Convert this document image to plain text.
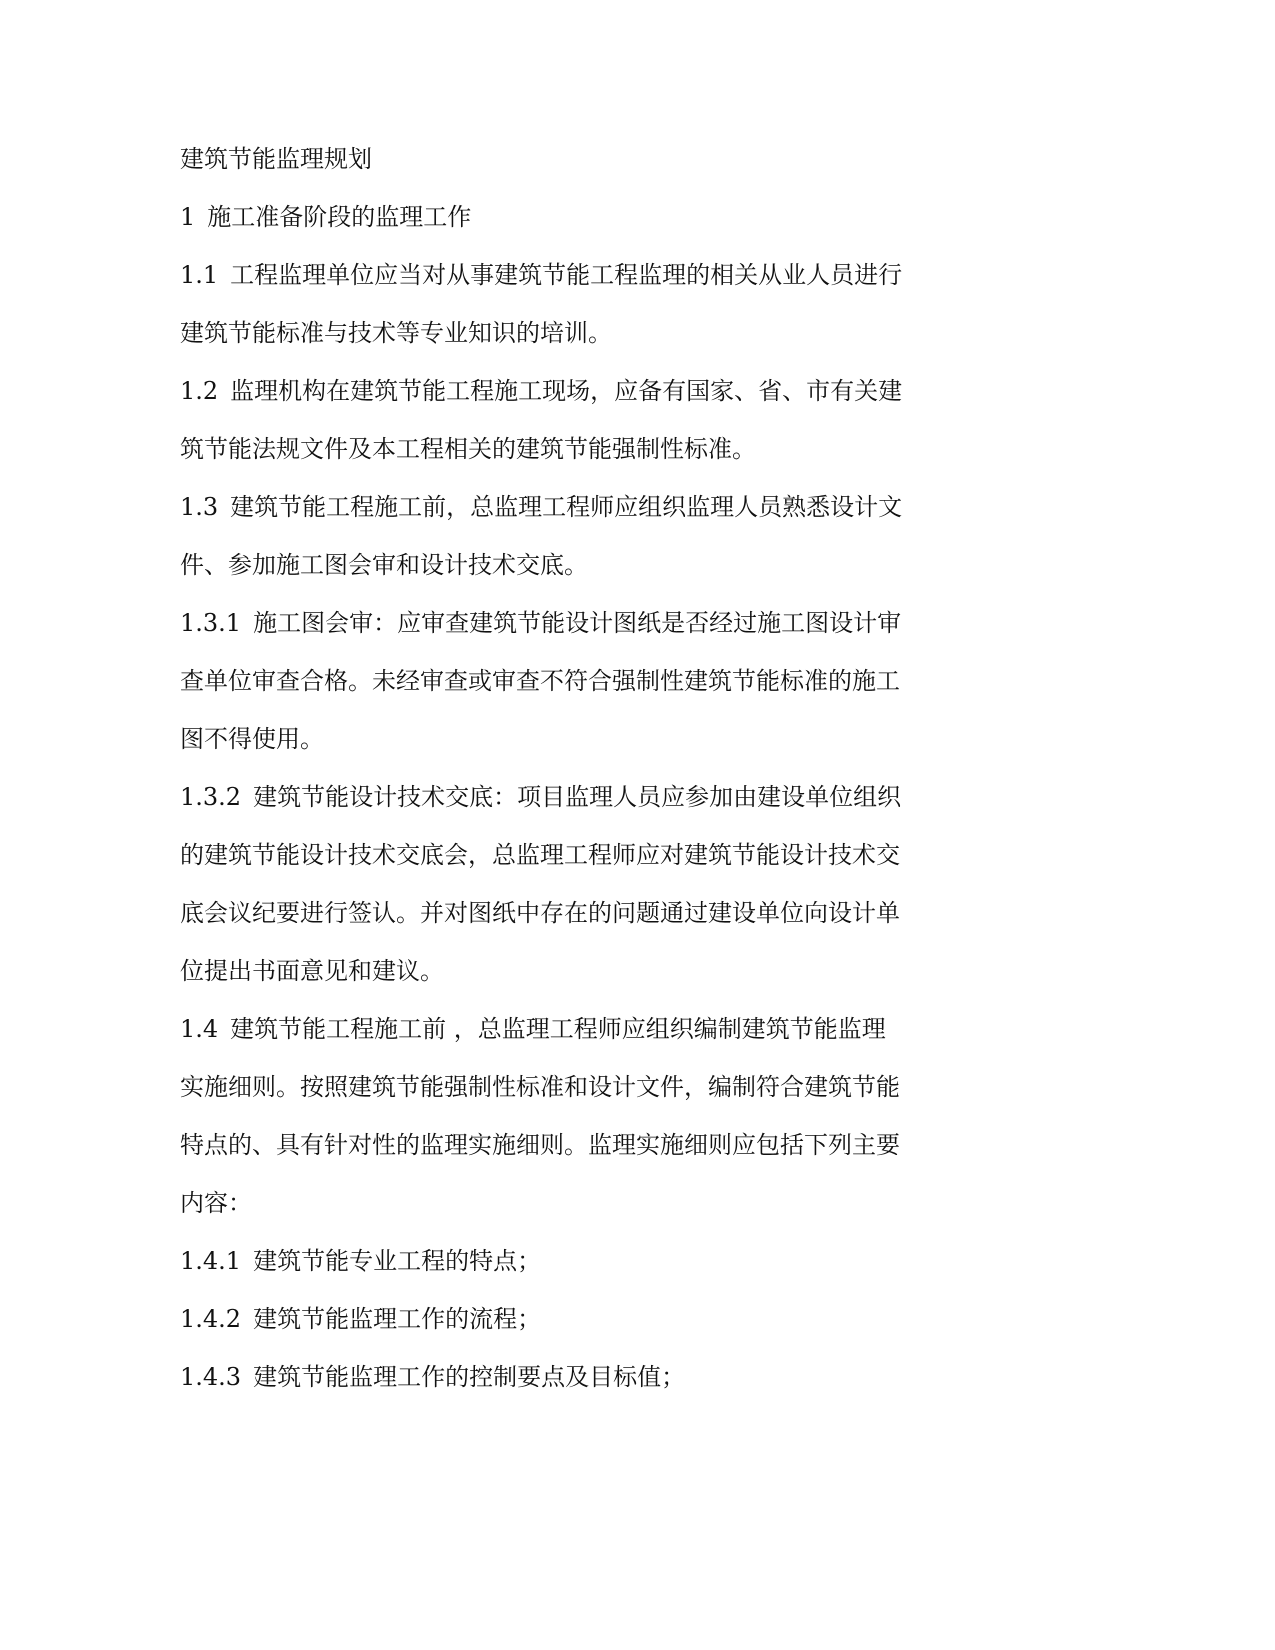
建筑节能监理规划
1 施工准备阶段的监理工作
1.1 工程监理单位应当对从事建筑节能工程监理的相关从业人员进行
建筑节能标准与技术等专业知识的培训。
1.2 监理机构在建筑节能工程施工现场，应备有国家、省、市有关建
筑节能法规文件及本工程相关的建筑节能强制性标准。
1.3 建筑节能工程施工前，总监理工程师应组织监理人员熟悉设计文
件、参加施工图会审和设计技术交底。
1.3.1 施工图会审：应审查建筑节能设计图纸是否经过施工图设计审
查单位审查合格。未经审查或审查不符合强制性建筑节能标准的施工
图不得使用。
1.3.2 建筑节能设计技术交底：项目监理人员应参加由建设单位组织
的建筑节能设计技术交底会，总监理工程师应对建筑节能设计技术交
底会议纪要进行签认。并对图纸中存在的问题通过建设单位向设计单
位提出书面意见和建议。
1.4 建筑节能工程施工前 ，总监理工程师应组织编制建筑节能监理
实施细则。按照建筑节能强制性标准和设计文件，编制符合建筑节能
特点的、具有针对性的监理实施细则。监理实施细则应包括下列主要
内容：
1.4.1 建筑节能专业工程的特点；
1.4.2 建筑节能监理工作的流程；
1.4.3 建筑节能监理工作的控制要点及目标值；
